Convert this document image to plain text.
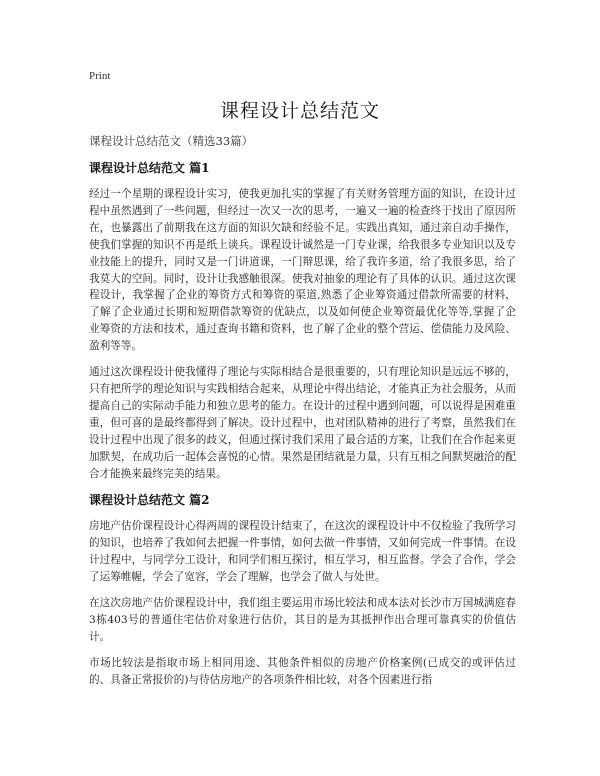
Print

课程设计总结范文

课程设计总结范文（精选33篇）

课程设计总结范文 篇1

经过一个星期的课程设计实习，使我更加扎实的掌握了有关财务管理方面的知识，在设计过程中虽然遇到了一些问题，但经过一次又一次的思考，一遍又一遍的检查终于找出了原因所在，也暴露出了前期我在这方面的知识欠缺和经验不足。实践出真知，通过亲自动手操作，使我们掌握的知识不再是纸上谈兵。课程设计诚然是一门专业课，给我很多专业知识以及专业技能上的提升，同时又是一门讲道课，一门辩思课，给了我许多道，给了我很多思，给了我莫大的空间。同时，设计让我感触很深。使我对抽象的理论有了具体的认识。通过这次课程设计，我掌握了企业的筹资方式和筹资的渠道,熟悉了企业筹资通过借款所需要的材料，了解了企业通过长期和短期借款筹资的优缺点，以及如何使企业筹资最优化等等,掌握了企业筹资的方法和技术，通过查询书籍和资料，也了解了企业的整个营运、偿债能力及风险、盈利等等。

通过这次课程设计使我懂得了理论与实际相结合是很重要的，只有理论知识是远远不够的，只有把所学的理论知识与实践相结合起来，从理论中得出结论，才能真正为社会服务，从而提高自己的实际动手能力和独立思考的能力。在设计的过程中遇到问题，可以说得是困难重重，但可喜的是最终都得到了解决。设计过程中，也对团队精神的进行了考察，虽然我们在设计过程中出现了很多的歧义，但通过探讨我们采用了最合适的方案，让我们在合作起来更加默契，在成功后一起体会喜悦的心情。果然是团结就是力量，只有互相之间默契融洽的配合才能换来最终完美的结果。

课程设计总结范文 篇2

房地产估价课程设计心得两周的课程设计结束了，在这次的课程设计中不仅检验了我所学习的知识，也培养了我如何去把握一件事情，如何去做一件事情，又如何完成一件事情。在设计过程中，与同学分工设计，和同学们相互探讨，相互学习，相互监督。学会了合作，学会了运筹帷幄，学会了宽容，学会了理解，也学会了做人与处世。

在这次房地产估价课程设计中，我们组主要运用市场比较法和成本法对长沙市万国城满庭春3栋403号的普通住宅估价对象进行估价，其目的是为其抵押作出合理可靠真实的价值估计。

市场比较法是指取市场上相同用途、其他条件相似的房地产价格案例(已成交的或评估过的、具备正常报价的)与待估房地产的各项条件相比较，对各个因素进行指
